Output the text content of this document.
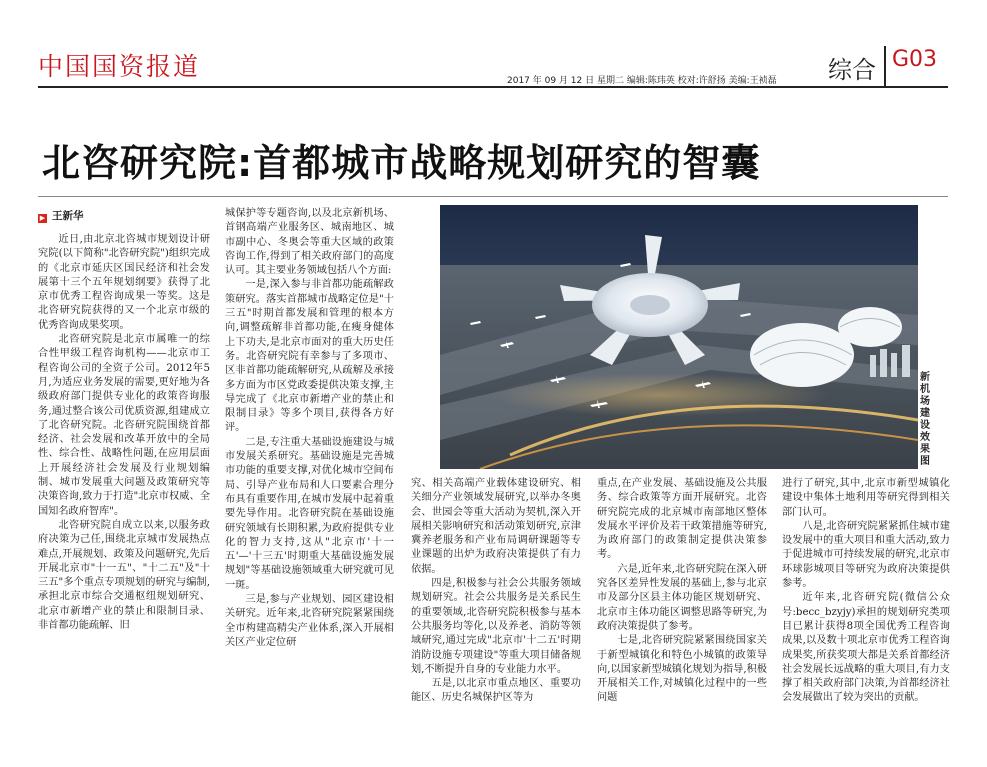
中国国资报道	2017 年 09 月 12 日 星期二 编辑:陈玮英 校对:许舒扬 美编:王祯磊 综合 G03
北咨研究院:首都城市战略规划研究的智囊
▶ 王新华

近日,由北京北咨城市规划设计研究院(以下简称"北咨研究院")组织完成的《北京市延庆区国民经济和社会发展第十三个五年规划纲要》获得了北京市优秀工程咨询成果一等奖。这是北咨研究院获得的又一个北京市级的优秀咨询成果奖项。

北咨研究院是北京市属唯一的综合性甲级工程咨询机构——北京市工程咨询公司的全资子公司。2012年5月,为适应业务发展的需要,更好地为各级政府部门提供专业化的政策咨询服务,通过整合该公司优质资源,组建成立了北咨研究院。北咨研究院围绕首都经济、社会发展和改革开放中的全局性、综合性、战略性问题,在应用层面上开展经济社会发展及行业规划编制、城市发展重大问题及政策研究等决策咨询,致力于打造"北京市权威、全国知名政府智库"。

北咨研究院自成立以来,以服务政府决策为己任,围绕北京城市发展热点难点,开展规划、政策及问题研究,先后开展北京市"十一五"、"十二五"及"十三五"多个重点专项规划的研究与编制,承担北京市综合交通枢纽规划研究、北京市新增产业的禁止和限制目录、非首都功能疏解、旧

城保护等专题咨询,以及北京新机场、首钢高端产业服务区、城南地区、城市副中心、冬奥会等重大区域的政策咨询工作,得到了相关政府部门的高度认可。其主要业务领域包括八个方面:

一是,深入参与非首都功能疏解政策研究。落实首都城市战略定位是"十三五"时期首都发展和管理的根本方向,调整疏解非首都功能,在瘦身健体上下功夫,是北京市面对的重大历史任务。北咨研究院有幸参与了多项市、区非首都功能疏解研究,从疏解及承接多方面为市区党政委提供决策支撑,主导完成了《北京市新增产业的禁止和限制目录》等多个项目,获得各方好评。

二是,专注重大基础设施建设与城市发展关系研究。基础设施是完善城市功能的重要支撑,对优化城市空间布局、引导产业布局和人口要素合理分布具有重要作用,在城市发展中起着重要先导作用。北咨研究院在基础设施研究领域有长期积累,为政府提供专业化的智力支持,这从"北京市'十一五'—'十三五'时期重大基础设施发展规划"等基础设施领域重大研究就可见一斑。

三是,参与产业规划、园区建设相关研究。近年来,北咨研究院紧紧围绕全市构建高精尖产业体系,深入开展相关区产业定位研

新机场建设效果图

究、相关高端产业载体建设研究、相关细分产业领域发展研究,以举办冬奥会、世园会等重大活动为契机,深入开展相关影响研究和活动策划研究,京津冀养老服务和产业布局调研课题等专业课题的出炉为政府决策提供了有力依据。

四是,积极参与社会公共服务领域规划研究。社会公共服务是关系民生的重要领域,北咨研究院积极参与基本公共服务均等化,以及养老、消防等领域研究,通过完成"北京市'十二五'时期消防设施专项建设"等重大项目储备规划,不断提升自身的专业能力水平。

五是,以北京市重点地区、重要功能区、历史名城保护区等为

重点,在产业发展、基础设施及公共服务、综合政策等方面开展研究。北咨研究院完成的北京城市南部地区整体发展水平评价及若干政策措施等研究,为政府部门的政策制定提供决策参考。

六是,近年来,北咨研究院在深入研究各区差异性发展的基础上,参与北京市及部分区县主体功能区规划研究、北京市主体功能区调整思路等研究,为政府决策提供了参考。

七是,北咨研究院紧紧围绕国家关于新型城镇化和特色小城镇的政策导向,以国家新型城镇化规划为指导,积极开展相关工作,对城镇化过程中的一些问题

进行了研究,其中,北京市新型城镇化建设中集体土地利用等研究得到相关部门认可。

八是,北咨研究院紧紧抓住城市建设发展中的重大项目和重大活动,致力于促进城市可持续发展的研究,北京市环球影城项目等研究为政府决策提供参考。

近年来,北咨研究院(微信公众号:becc_bzyjy)承担的规划研究类项目已累计获得8项全国优秀工程咨询成果,以及数十项北京市优秀工程咨询成果奖,所获奖项大都是关系首都经济社会发展长远战略的重大项目,有力支撑了相关政府部门决策,为首都经济社会发展做出了较为突出的贡献。
